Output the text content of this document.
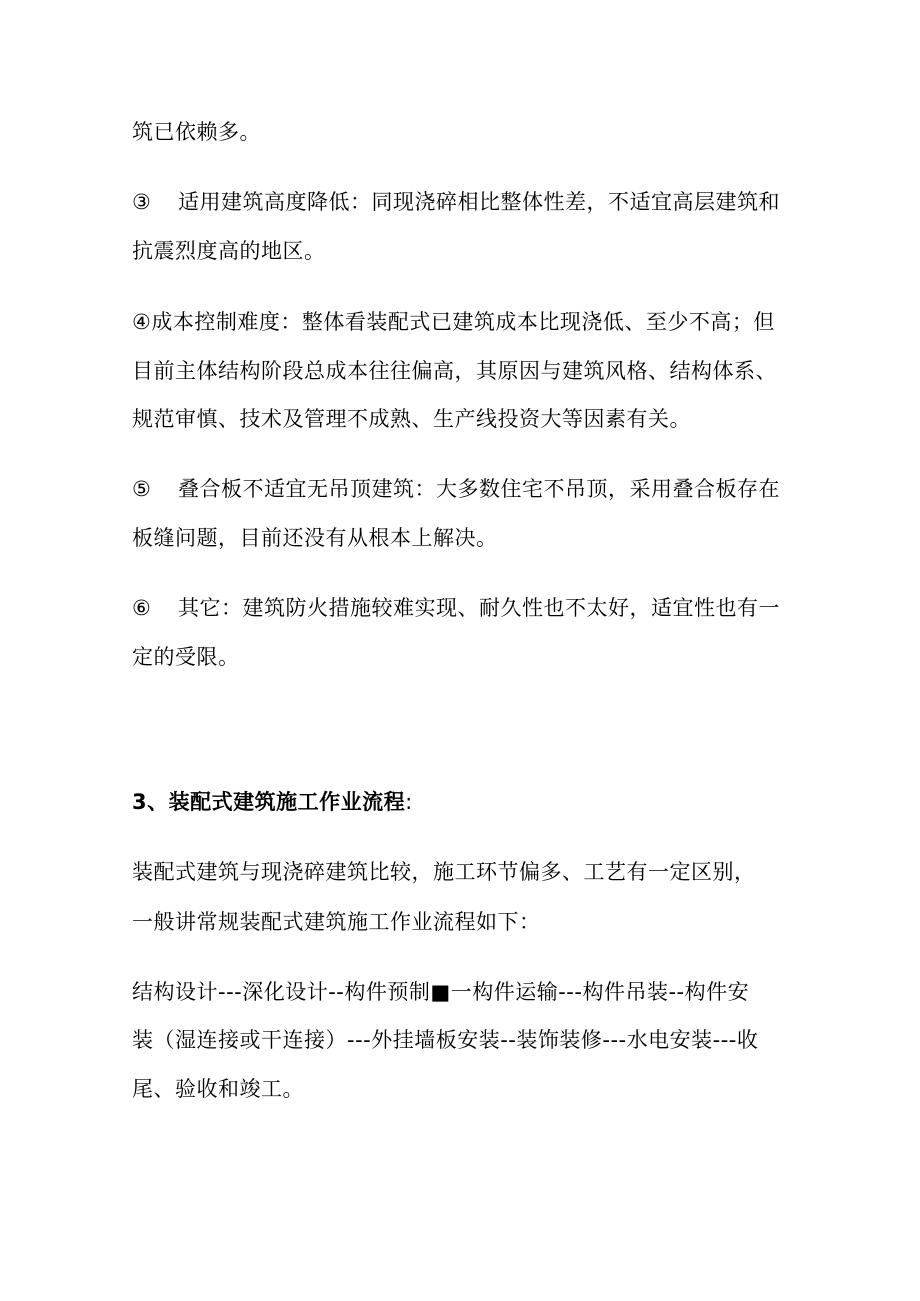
筑已依赖多。
③ 适用建筑高度降低：同现浇碎相比整体性差，不适宜高层建筑和
抗震烈度高的地区。
④成本控制难度：整体看装配式已建筑成本比现浇低、至少不高；但
目前主体结构阶段总成本往往偏高，其原因与建筑风格、结构体系、
规范审慎、技术及管理不成熟、生产线投资大等因素有关。
⑤ 叠合板不适宜无吊顶建筑：大多数住宅不吊顶，采用叠合板存在
板缝问题，目前还没有从根本上解决。
⑥ 其它：建筑防火措施较难实现、耐久性也不太好，适宜性也有一
定的受限。
3、装配式建筑施工作业流程:
装配式建筑与现浇碎建筑比较，施工环节偏多、工艺有一定区别，
一般讲常规装配式建筑施工作业流程如下：
结构设计---深化设计--构件预制■一构件运输---构件吊装--构件安
装（湿连接或干连接）---外挂墙板安装--装饰装修---水电安装---收
尾、验收和竣工。
